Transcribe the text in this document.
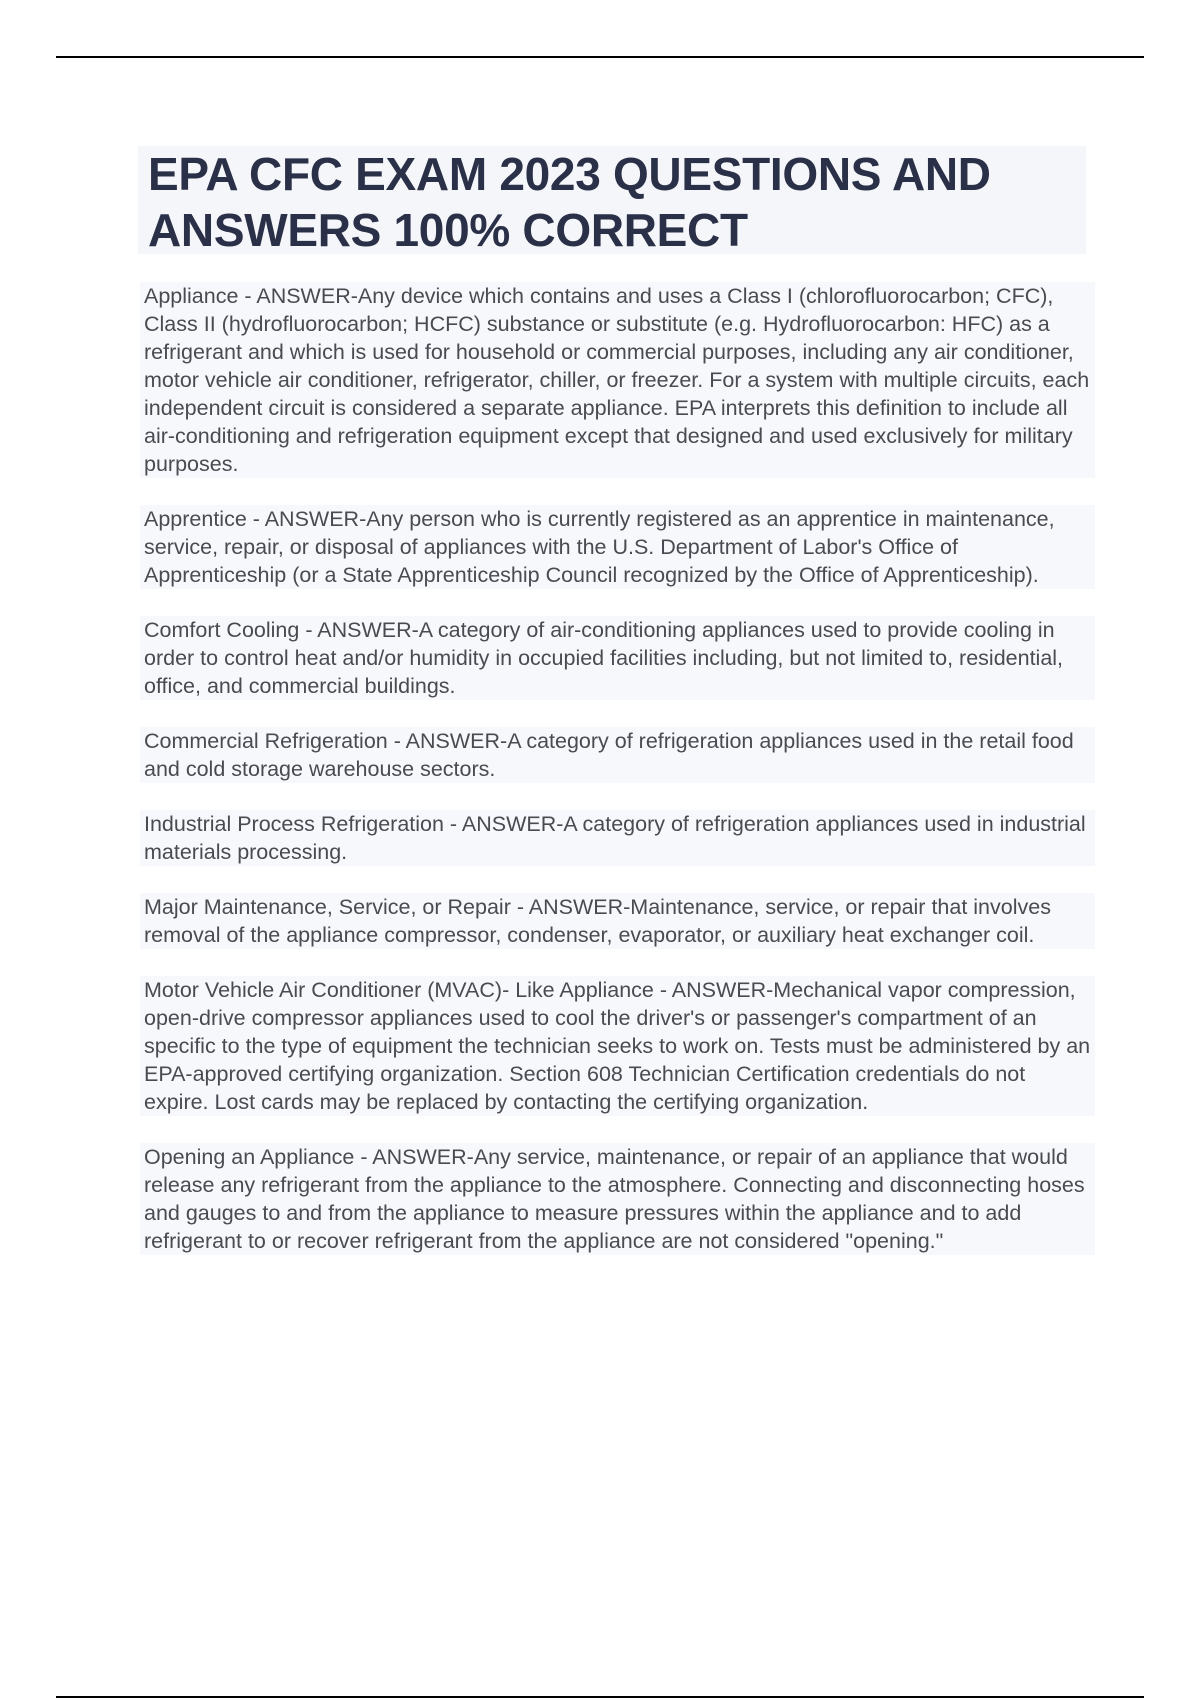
EPA CFC EXAM 2023 QUESTIONS AND ANSWERS 100% CORRECT

Appliance - ANSWER-Any device which contains and uses a Class I (chlorofluorocarbon; CFC), Class II (hydrofluorocarbon; HCFC) substance or substitute (e.g. Hydrofluorocarbon: HFC) as a refrigerant and which is used for household or commercial purposes, including any air conditioner, motor vehicle air conditioner, refrigerator, chiller, or freezer. For a system with multiple circuits, each independent circuit is considered a separate appliance. EPA interprets this definition to include all air-conditioning and refrigeration equipment except that designed and used exclusively for military purposes.

Apprentice - ANSWER-Any person who is currently registered as an apprentice in maintenance, service, repair, or disposal of appliances with the U.S. Department of Labor's Office of Apprenticeship (or a State Apprenticeship Council recognized by the Office of Apprenticeship).

Comfort Cooling - ANSWER-A category of air-conditioning appliances used to provide cooling in order to control heat and/or humidity in occupied facilities including, but not limited to, residential, office, and commercial buildings.

Commercial Refrigeration - ANSWER-A category of refrigeration appliances used in the retail food and cold storage warehouse sectors.

Industrial Process Refrigeration - ANSWER-A category of refrigeration appliances used in industrial materials processing.

Major Maintenance, Service, or Repair - ANSWER-Maintenance, service, or repair that involves removal of the appliance compressor, condenser, evaporator, or auxiliary heat exchanger coil.

Motor Vehicle Air Conditioner (MVAC)- Like Appliance - ANSWER-Mechanical vapor compression, open-drive compressor appliances used to cool the driver's or passenger's compartment of an specific to the type of equipment the technician seeks to work on. Tests must be administered by an EPA-approved certifying organization. Section 608 Technician Certification credentials do not expire. Lost cards may be replaced by contacting the certifying organization.

Opening an Appliance - ANSWER-Any service, maintenance, or repair of an appliance that would release any refrigerant from the appliance to the atmosphere. Connecting and disconnecting hoses and gauges to and from the appliance to measure pressures within the appliance and to add refrigerant to or recover refrigerant from the appliance are not considered "opening."
